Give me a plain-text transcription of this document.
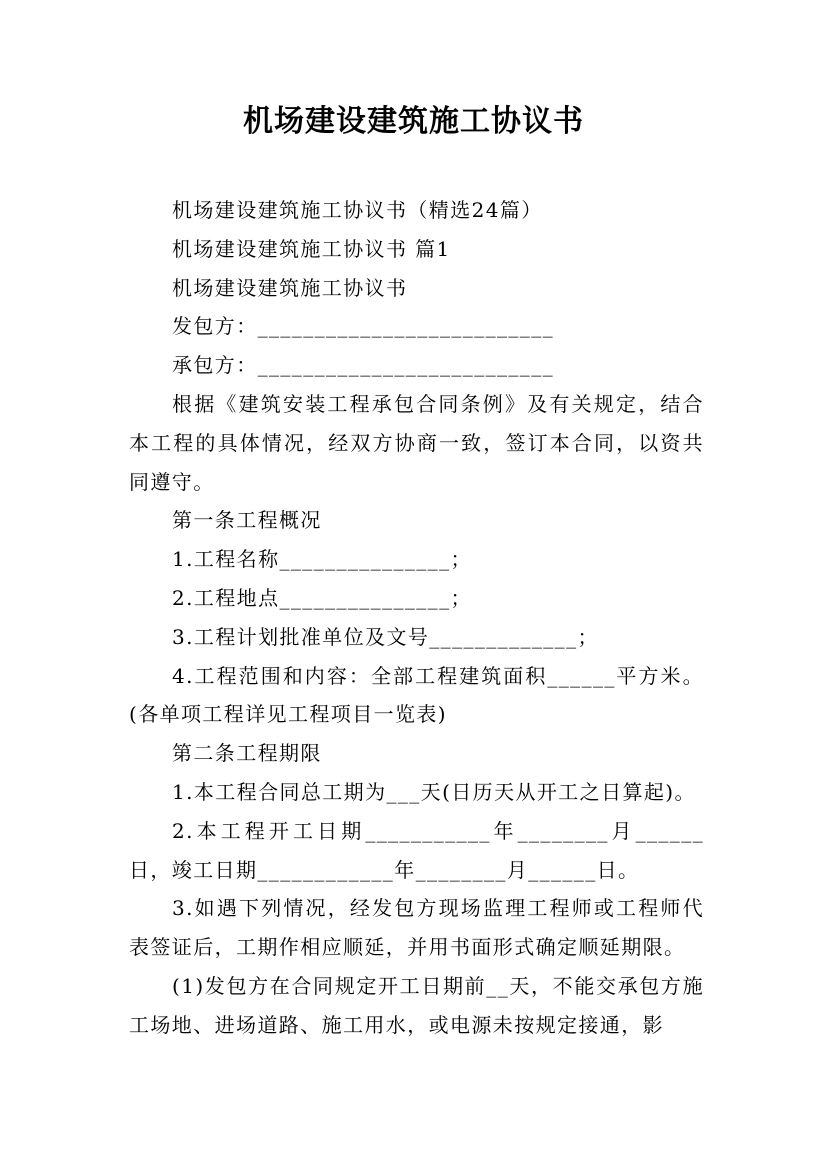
机场建设建筑施工协议书
机场建设建筑施工协议书（精选24篇）
机场建设建筑施工协议书 篇1
机场建设建筑施工协议书
发包方：__________________________
承包方：__________________________
根据《建筑安装工程承包合同条例》及有关规定，结合本工程的具体情况，经双方协商一致，签订本合同，以资共同遵守。
第一条工程概况
1.工程名称_______________；
2.工程地点_______________；
3.工程计划批准单位及文号_____________；
4.工程范围和内容：全部工程建筑面积______平方米。(各单项工程详见工程项目一览表)
第二条工程期限
1.本工程合同总工期为___天(日历天从开工之日算起)。
2.本工程开工日期___________年________月______日，竣工日期____________年________月______日。
3.如遇下列情况，经发包方现场监理工程师或工程师代表签证后，工期作相应顺延，并用书面形式确定顺延期限。
(1)发包方在合同规定开工日期前__天，不能交承包方施工场地、进场道路、施工用水，或电源未按规定接通，影
